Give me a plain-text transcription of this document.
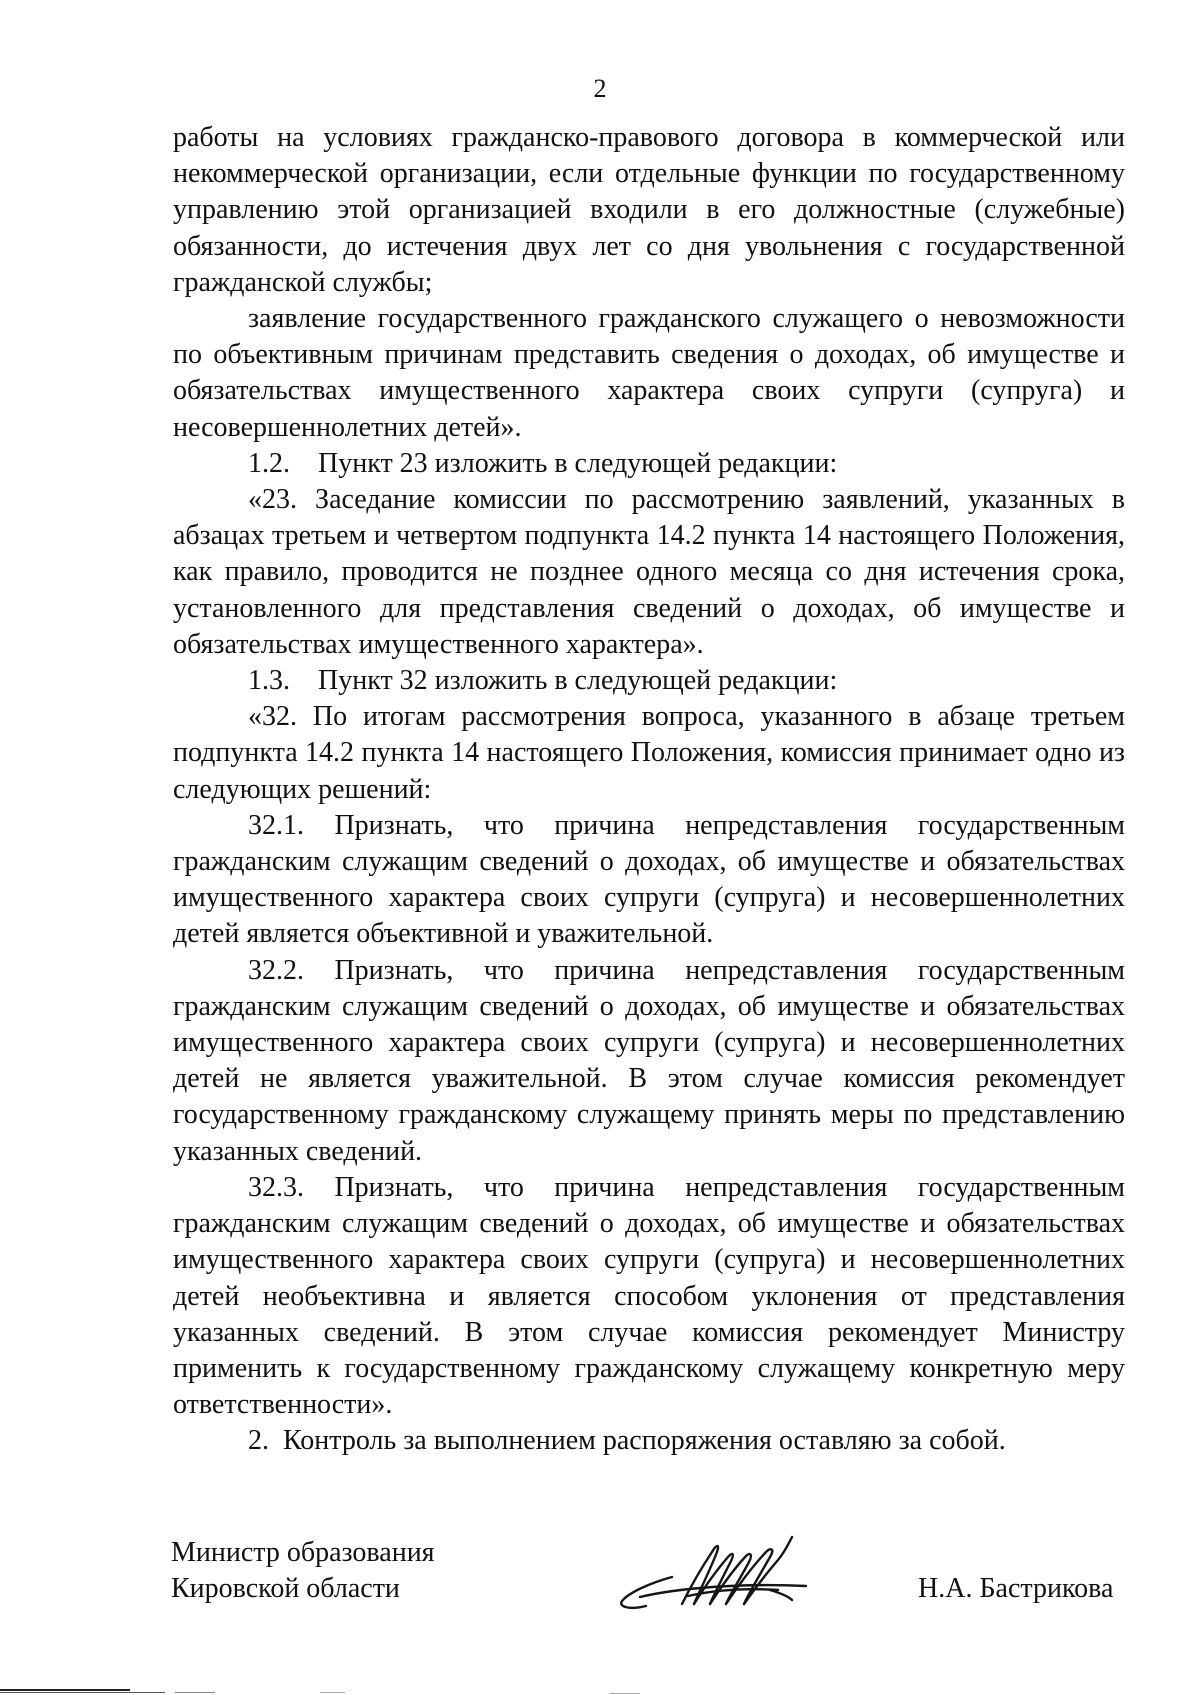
2

работы на условиях гражданско-правового договора в коммерческой или некоммерческой организации, если отдельные функции по государственному управлению этой организацией входили в его должностные (служебные) обязанности, до истечения двух лет со дня увольнения с государственной гражданской службы;

заявление государственного гражданского служащего о невозможности по объективным причинам представить сведения о доходах, об имуществе и обязательствах имущественного характера своих супруги (супруга) и несовершеннолетних детей».

1.2. Пункт 23 изложить в следующей редакции:

«23. Заседание комиссии по рассмотрению заявлений, указанных в абзацах третьем и четвертом подпункта 14.2 пункта 14 настоящего Положения, как правило, проводится не позднее одного месяца со дня истечения срока, установленного для представления сведений о доходах, об имуществе и обязательствах имущественного характера».

1.3. Пункт 32 изложить в следующей редакции:

«32. По итогам рассмотрения вопроса, указанного в абзаце третьем подпункта 14.2 пункта 14 настоящего Положения, комиссия принимает одно из следующих решений:

32.1. Признать, что причина непредставления государственным гражданским служащим сведений о доходах, об имуществе и обязательствах имущественного характера своих супруги (супруга) и несовершеннолетних детей является объективной и уважительной.

32.2. Признать, что причина непредставления государственным гражданским служащим сведений о доходах, об имуществе и обязательствах имущественного характера своих супруги (супруга) и несовершеннолетних детей не является уважительной. В этом случае комиссия рекомендует государственному гражданскому служащему принять меры по представлению указанных сведений.

32.3. Признать, что причина непредставления государственным гражданским служащим сведений о доходах, об имуществе и обязательствах имущественного характера своих супруги (супруга) и несовершеннолетних детей необъективна и является способом уклонения от представления указанных сведений. В этом случае комиссия рекомендует Министру применить к государственному гражданскому служащему конкретную меру ответственности».

2. Контроль за выполнением распоряжения оставляю за собой.

Министр образования
Кировской области	Н.А. Бастрикова
